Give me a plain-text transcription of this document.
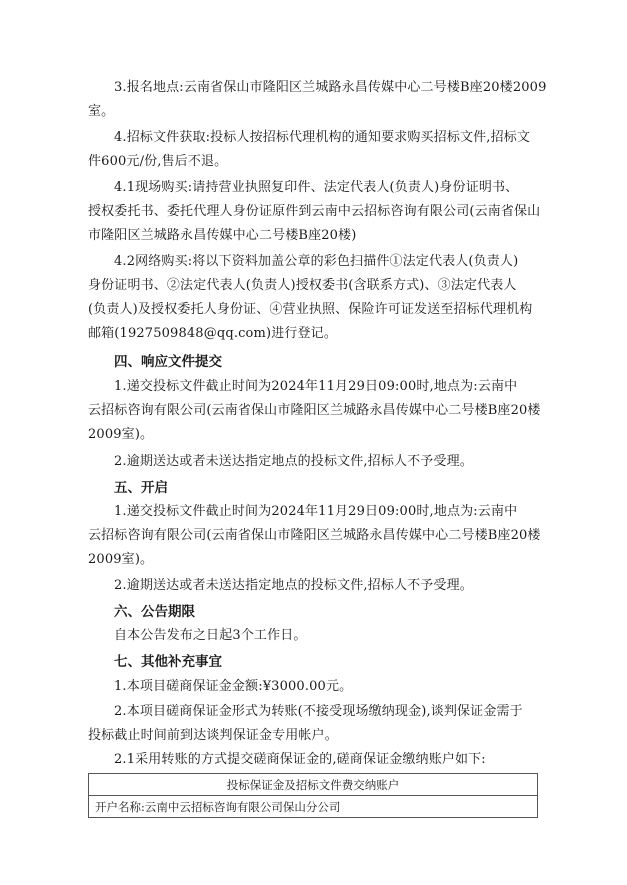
3.报名地点:云南省保山市隆阳区兰城路永昌传媒中心二号楼B座20楼2009
室。

4.招标文件获取:投标人按招标代理机构的通知要求购买招标文件,招标文
件600元/份,售后不退。

4.1现场购买:请持营业执照复印件、法定代表人(负责人)身份证明书、
授权委托书、委托代理人身份证原件到云南中云招标咨询有限公司(云南省保山
市隆阳区兰城路永昌传媒中心二号楼B座20楼)

4.2网络购买:将以下资料加盖公章的彩色扫描件①法定代表人(负责人)
身份证明书、②法定代表人(负责人)授权委书(含联系方式)、③法定代表人
(负责人)及授权委托人身份证、④营业执照、保险许可证发送至招标代理机构
邮箱(1927509848@qq.com)进行登记。

四、响应文件提交

1.递交投标文件截止时间为2024年11月29日09:00时,地点为:云南中
云招标咨询有限公司(云南省保山市隆阳区兰城路永昌传媒中心二号楼B座20楼
2009室)。

2.逾期送达或者未送达指定地点的投标文件,招标人不予受理。

五、开启

1.递交投标文件截止时间为2024年11月29日09:00时,地点为:云南中
云招标咨询有限公司(云南省保山市隆阳区兰城路永昌传媒中心二号楼B座20楼
2009室)。

2.逾期送达或者未送达指定地点的投标文件,招标人不予受理。

六、公告期限

自本公告发布之日起3个工作日。

七、其他补充事宜

1.本项目磋商保证金金额:¥3000.00元。

2.本项目磋商保证金形式为转账(不接受现场缴纳现金),谈判保证金需于
投标截止时间前到达谈判保证金专用帐户。

2.1采用转账的方式提交磋商保证金的,磋商保证金缴纳账户如下:

投标保证金及招标文件费交纳账户
开户名称:云南中云招标咨询有限公司保山分公司
